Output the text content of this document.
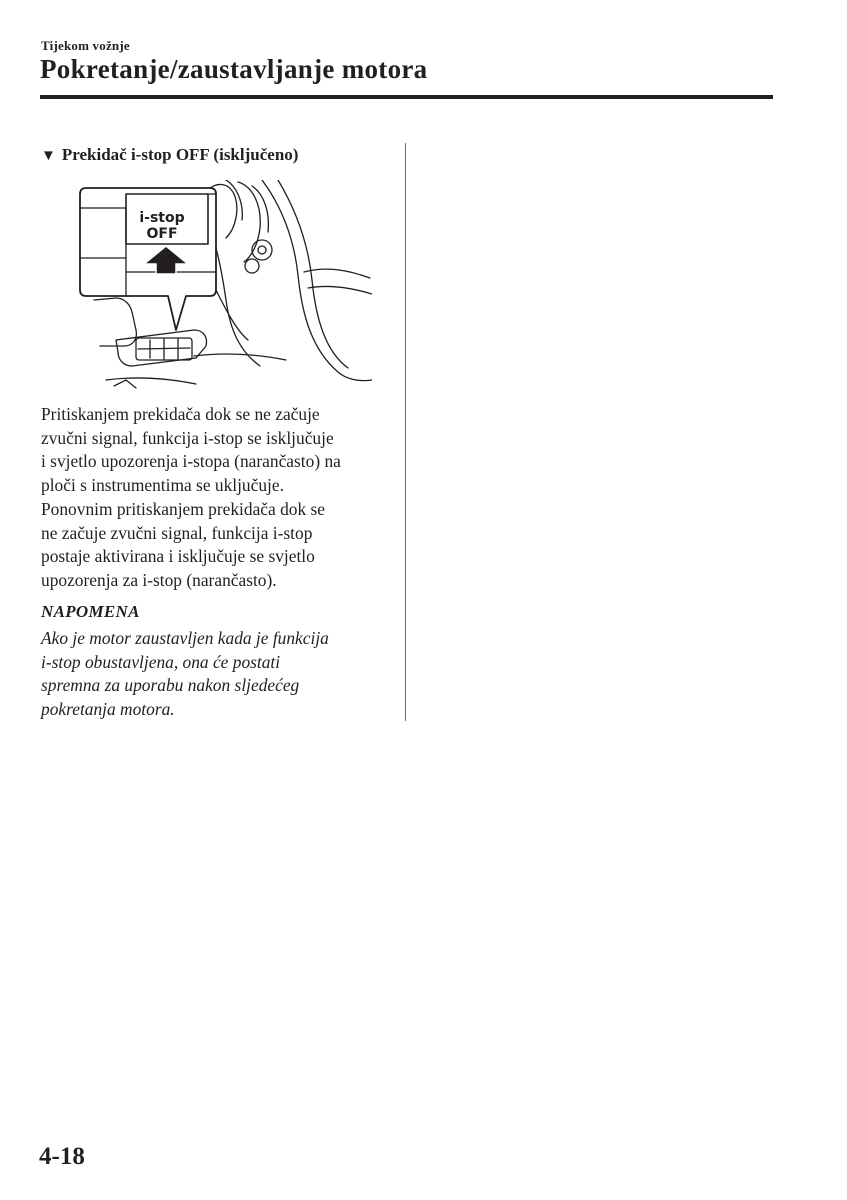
Tijekom vožnje
Pokretanje/zaustavljanje motora
▼ Prekidač i-stop OFF (isključeno)
i-stop
OFF

Pritiskanjem prekidača dok se ne začuje

zvučni signal, funkcija i-stop se isključuje

i svjetlo upozorenja i-stopa (narančasto) na

ploči s instrumentima se uključuje.

Ponovnim pritiskanjem prekidača dok se

ne začuje zvučni signal, funkcija i-stop

postaje aktivirana i isključuje se svjetlo

upozorenja za i-stop (narančasto).

NAPOMENA

Ako je motor zaustavljen kada je funkcija

i-stop obustavljena, ona će postati

spremna za uporabu nakon sljedećeg

pokretanja motora.

4-18
